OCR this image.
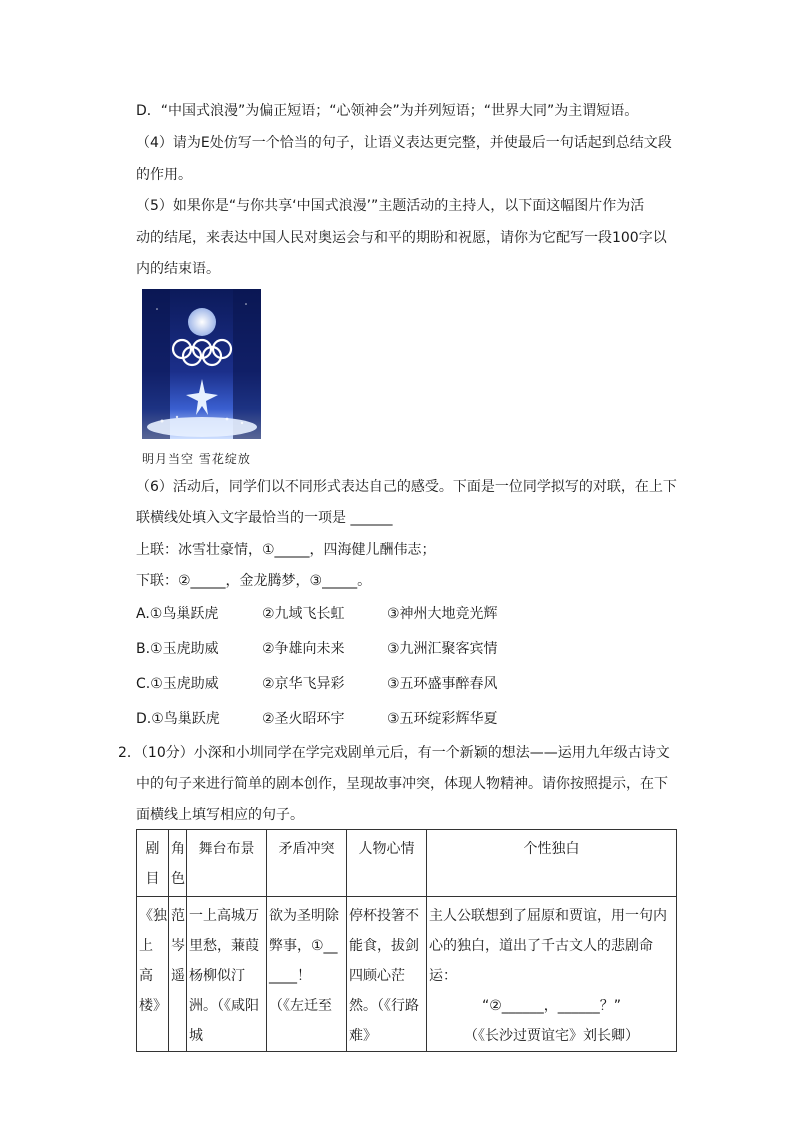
D．“中国式浪漫”为偏正短语；“心领神会”为并列短语；“世界大同”为主谓短语。
（4）请为E处仿写一个恰当的句子，让语义表达更完整，并使最后一句话起到总结文段
的作用。
（5）如果你是“与你共享‘中国式浪漫’”主题活动的主持人，以下面这幅图片作为活
动的结尾，来表达中国人民对奥运会与和平的期盼和祝愿，请你为它配写一段100字以
内的结束语。
明月当空 雪花绽放
（6）活动后，同学们以不同形式表达自己的感受。下面是一位同学拟写的对联，在上下
联横线处填入文字最恰当的一项是 ______
上联：冰雪壮豪情，①_____，四海健儿酬伟志；
下联：②_____，金龙腾梦，③_____。
A.①鸟巢跃虎	②九域飞长虹	③神州大地竞光辉
B.①玉虎助威	②争雄向未来	③九洲汇聚客宾情
C.①玉虎助威	②京华飞异彩	③五环盛事醉春风
D.①鸟巢跃虎	②圣火昭环宇	③五环绽彩辉华夏
2．（10分）小深和小圳同学在学完戏剧单元后，有一个新颖的想法——运用九年级古诗文
中的句子来进行简单的剧本创作，呈现故事冲突，体现人物精神。请你按照提示，在下
面横线上填写相应的句子。
剧目	角色	舞台布景	矛盾冲突	人物心情	个性独白

《独上高楼》	范岑遥	一上高城万里愁，蒹葭杨柳似汀洲。（《咸阳城	欲为圣明除弊事，①______！（《左迁至	停杯投箸不能食，拔剑四顾心茫然。（《行路难》	主人公联想到了屈原和贾谊，用一句内心的独白，道出了千古文人的悲剧命运：
“②______，______？”
（《长沙过贾谊宅》刘长卿）
